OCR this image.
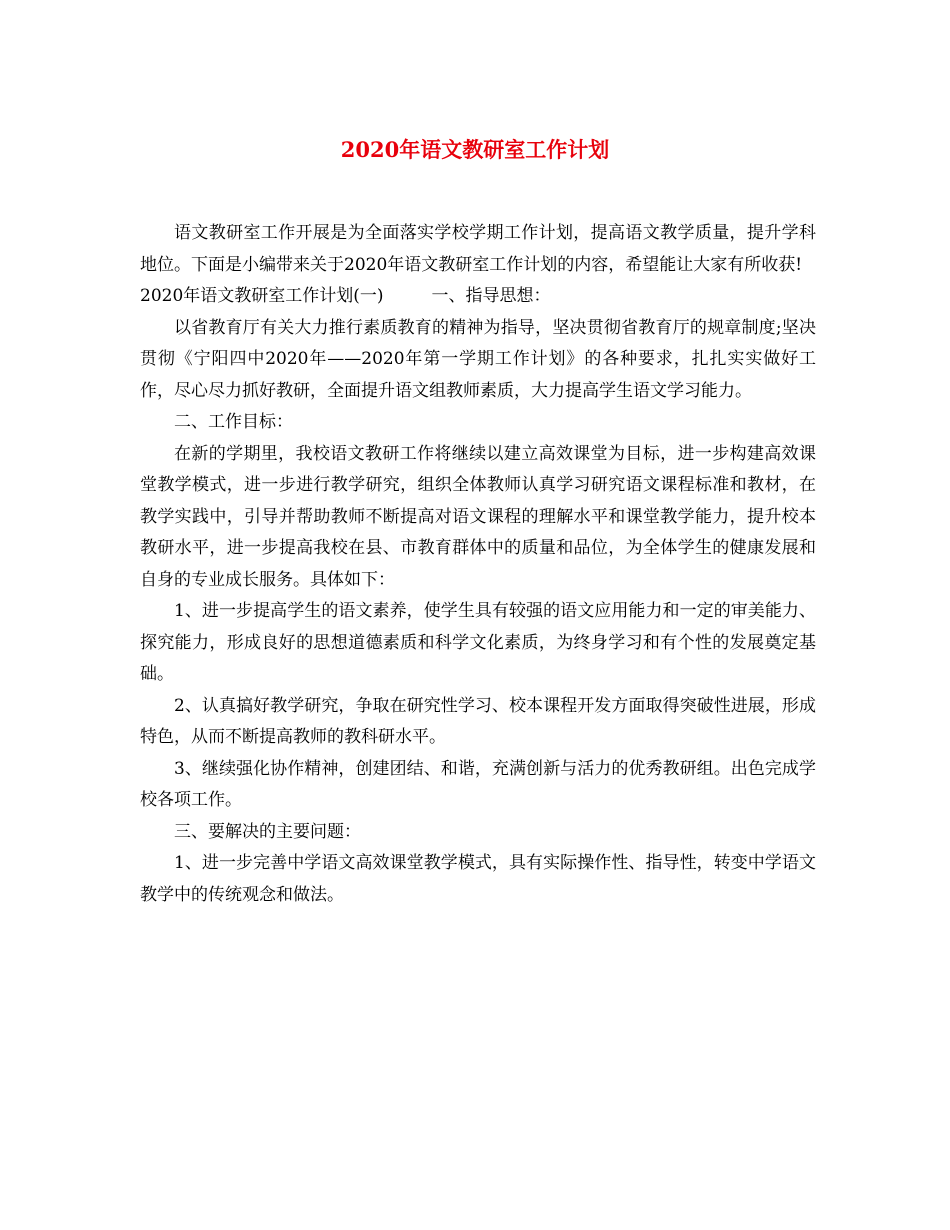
2020年语文教研室工作计划

语文教研室工作开展是为全面落实学校学期工作计划，提高语文教学质量，提升学科地位。下面是小编带来关于2020年语文教研室工作计划的内容，希望能让大家有所收获!

2020年语文教研室工作计划(一)	一、指导思想：

以省教育厅有关大力推行素质教育的精神为指导，坚决贯彻省教育厅的规章制度;坚决贯彻《宁阳四中2020年——2020年第一学期工作计划》的各种要求，扎扎实实做好工作，尽心尽力抓好教研，全面提升语文组教师素质，大力提高学生语文学习能力。

二、工作目标：

在新的学期里，我校语文教研工作将继续以建立高效课堂为目标，进一步构建高效课堂教学模式，进一步进行教学研究，组织全体教师认真学习研究语文课程标准和教材，在教学实践中，引导并帮助教师不断提高对语文课程的理解水平和课堂教学能力，提升校本教研水平，进一步提高我校在县、市教育群体中的质量和品位，为全体学生的健康发展和自身的专业成长服务。具体如下：

1、进一步提高学生的语文素养，使学生具有较强的语文应用能力和一定的审美能力、探究能力，形成良好的思想道德素质和科学文化素质，为终身学习和有个性的发展奠定基础。

2、认真搞好教学研究，争取在研究性学习、校本课程开发方面取得突破性进展，形成特色，从而不断提高教师的教科研水平。

3、继续强化协作精神，创建团结、和谐，充满创新与活力的优秀教研组。出色完成学校各项工作。

三、要解决的主要问题：

1、进一步完善中学语文高效课堂教学模式，具有实际操作性、指导性，转变中学语文教学中的传统观念和做法。
